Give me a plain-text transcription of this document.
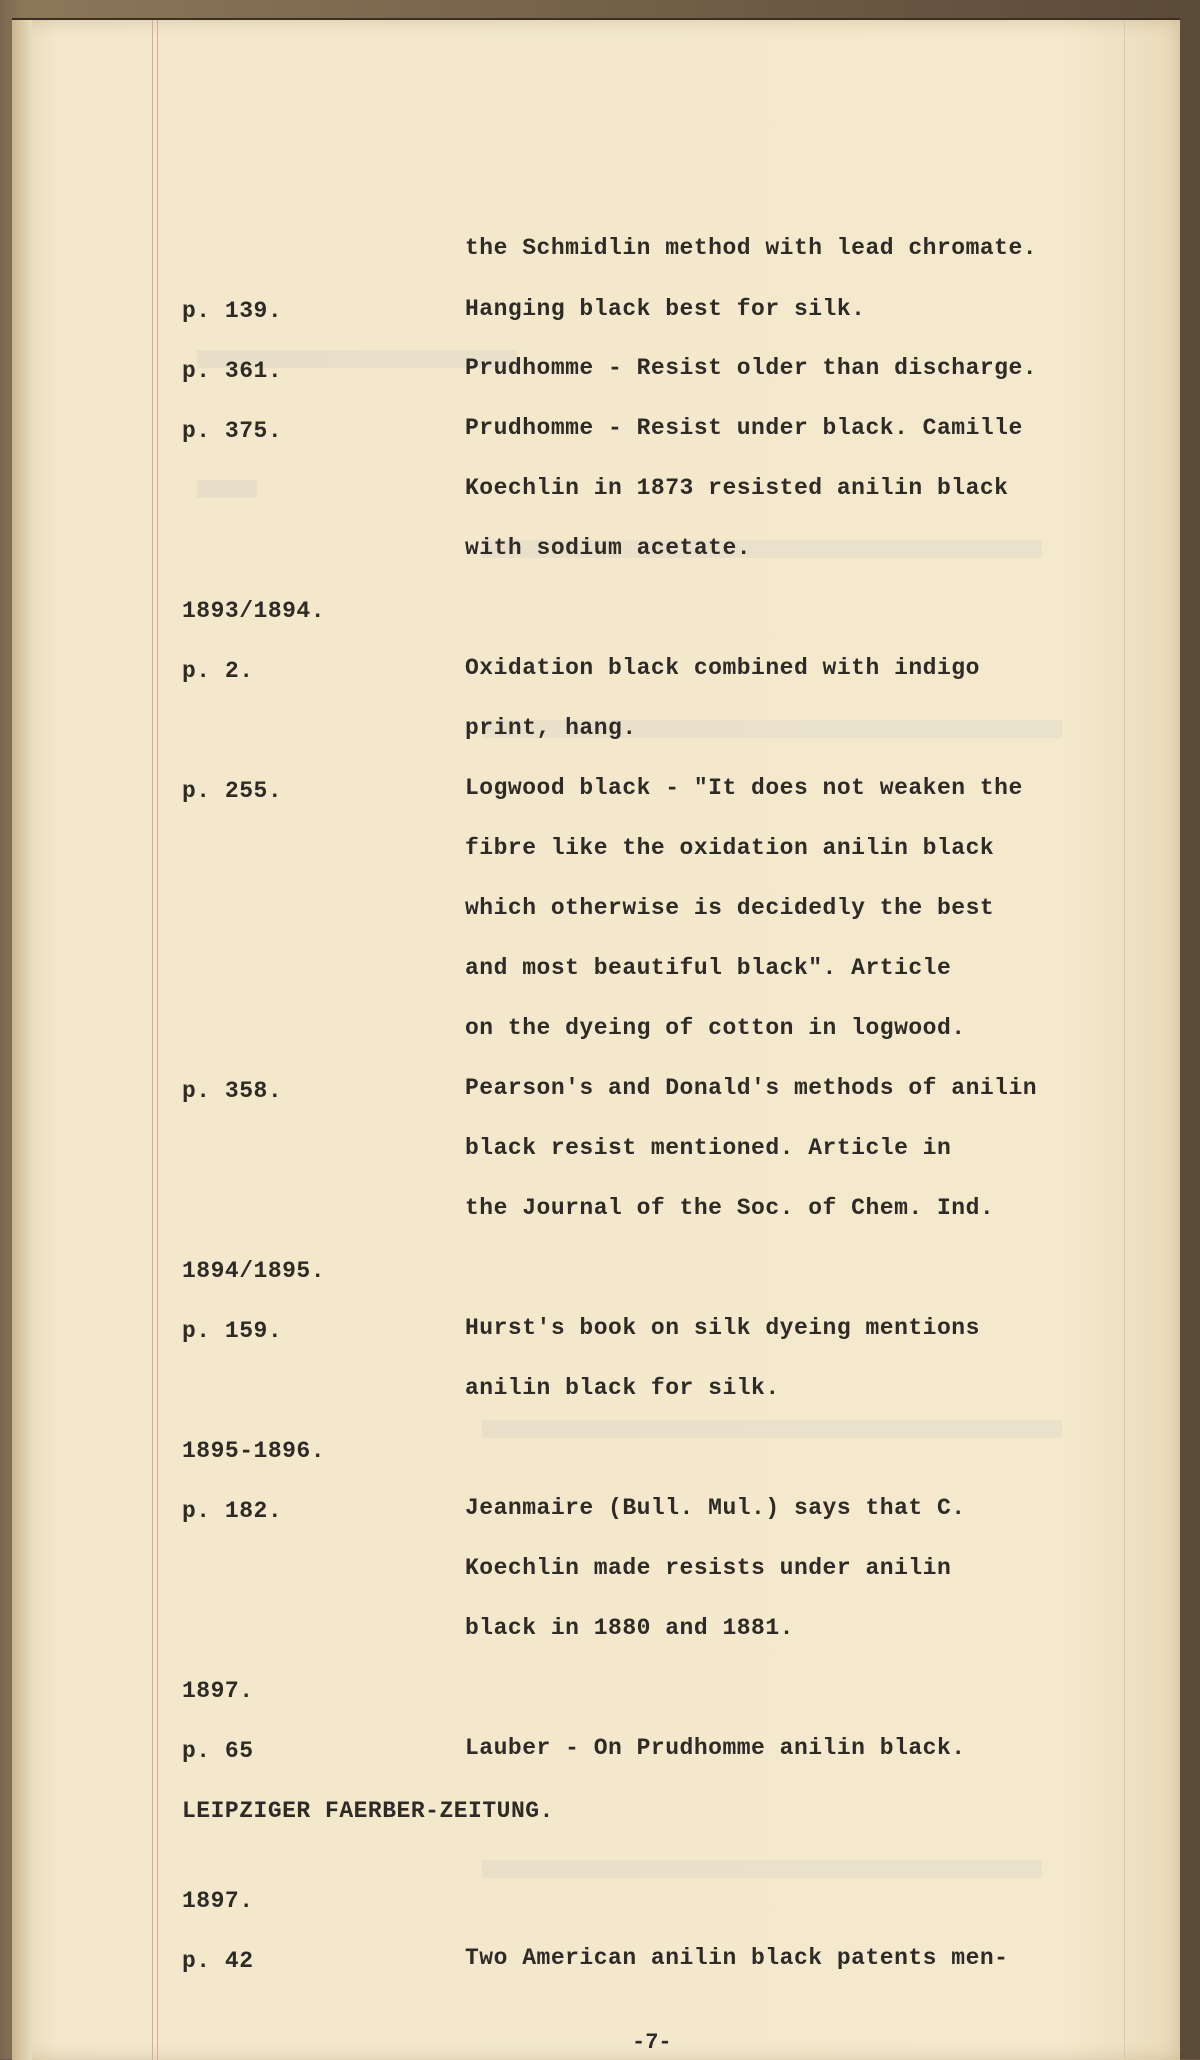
the Schmidlin method with lead chromate.
p. 139.	Hanging black best for silk.
p. 361.	Prudhomme - Resist older than discharge.
p. 375.	Prudhomme - Resist under black. Camille
Koechlin in 1873 resisted anilin black
with sodium acetate.
1893/1894.
p. 2.	Oxidation black combined with indigo
print, hang.
p. 255.	Logwood black - "It does not weaken the
fibre like the oxidation anilin black
which otherwise is decidedly the best
and most beautiful black". Article
on the dyeing of cotton in logwood.
p. 358.	Pearson's and Donald's methods of anilin
black resist mentioned. Article in
the Journal of the Soc. of Chem. Ind.
1894/1895.
p. 159.	Hurst's book on silk dyeing mentions
anilin black for silk.
1895-1896.
p. 182.	Jeanmaire (Bull. Mul.) says that C.
Koechlin made resists under anilin
black in 1880 and 1881.
1897.
p. 65	Lauber - On Prudhomme anilin black.
LEIPZIGER FAERBER-ZEITUNG.
1897.
p. 42	Two American anilin black patents men-
-7-
